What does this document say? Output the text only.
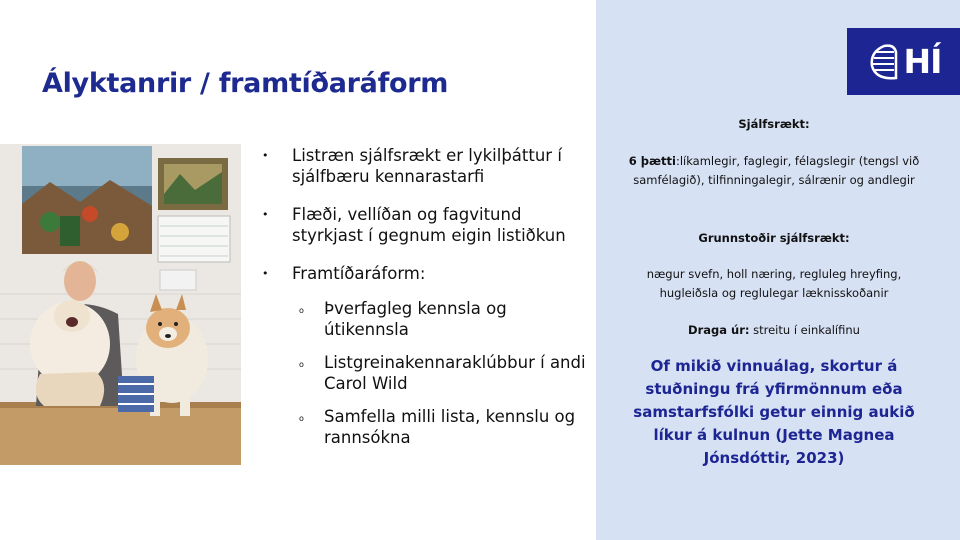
Ályktanrir / framtíðaráform
• Listræn sjálfsrækt er lykilþáttur í sjálfbæru kennarastarfi
• Flæði, vellíðan og fagvitund styrkjast í gegnum eigin listiðkun
• Framtíðaráform:
o Þverfagleg kennsla og útikennsla
o Listgreinakennaraklúbbur í andi Carol Wild
o Samfella milli lista, kennslu og rannsókna
HÍ
Sjálfsrækt:
6 þætti:líkamlegir, faglegir, félagslegir (tengsl við samfélagið), tilfinningalegir, sálrænir og andlegir
Grunnstoðir sjálfsrækt:
nægur svefn, holl næring, regluleg hreyfing, hugleiðsla og reglulegar læknisskoðanir
Draga úr: streitu í einkalífinu
Of mikið vinnuálag, skortur á stuðningu frá yfirmönnum eða samstarfsfólki getur einnig aukið líkur á kulnun (Jette Magnea Jónsdóttir, 2023)
